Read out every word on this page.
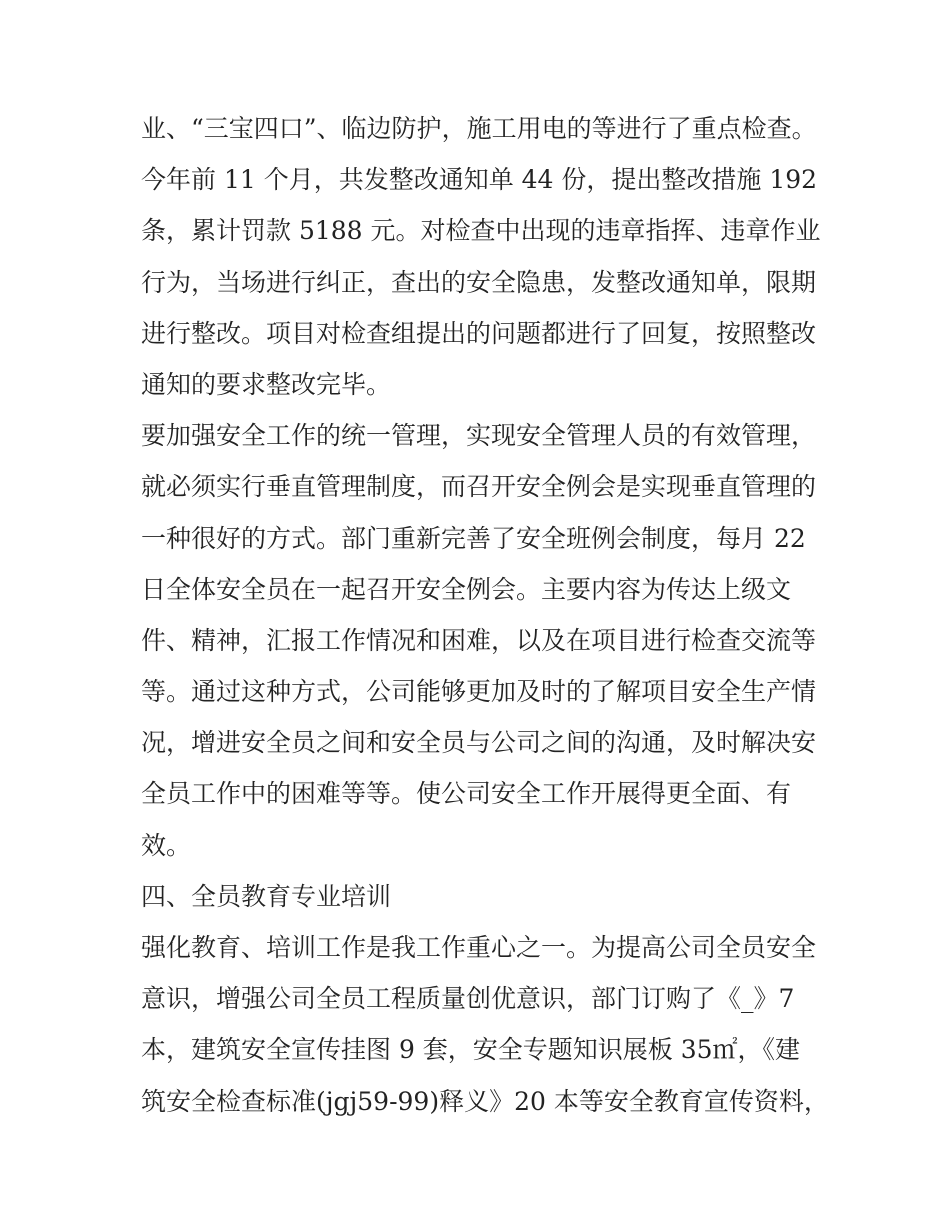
业、“三宝四口”、临边防护，施工用电的等进行了重点检查。
今年前 11 个月，共发整改通知单 44 份，提出整改措施 192
条，累计罚款 5188 元。对检查中出现的违章指挥、违章作业
行为，当场进行纠正，查出的安全隐患，发整改通知单，限期
进行整改。项目对检查组提出的问题都进行了回复，按照整改
通知的要求整改完毕。
要加强安全工作的统一管理，实现安全管理人员的有效管理，
就必须实行垂直管理制度，而召开安全例会是实现垂直管理的
一种很好的方式。部门重新完善了安全班例会制度，每月 22
日全体安全员在一起召开安全例会。主要内容为传达上级文
件、精神，汇报工作情况和困难，以及在项目进行检查交流等
等。通过这种方式，公司能够更加及时的了解项目安全生产情
况，增进安全员之间和安全员与公司之间的沟通，及时解决安
全员工作中的困难等等。使公司安全工作开展得更全面、有
效。
四、全员教育专业培训
强化教育、培训工作是我工作重心之一。为提高公司全员安全
意识，增强公司全员工程质量创优意识，部门订购了《_》7
本，建筑安全宣传挂图 9 套，安全专题知识展板 35㎡，《建
筑安全检查标准(jgj59-99)释义》20 本等安全教育宣传资料，
